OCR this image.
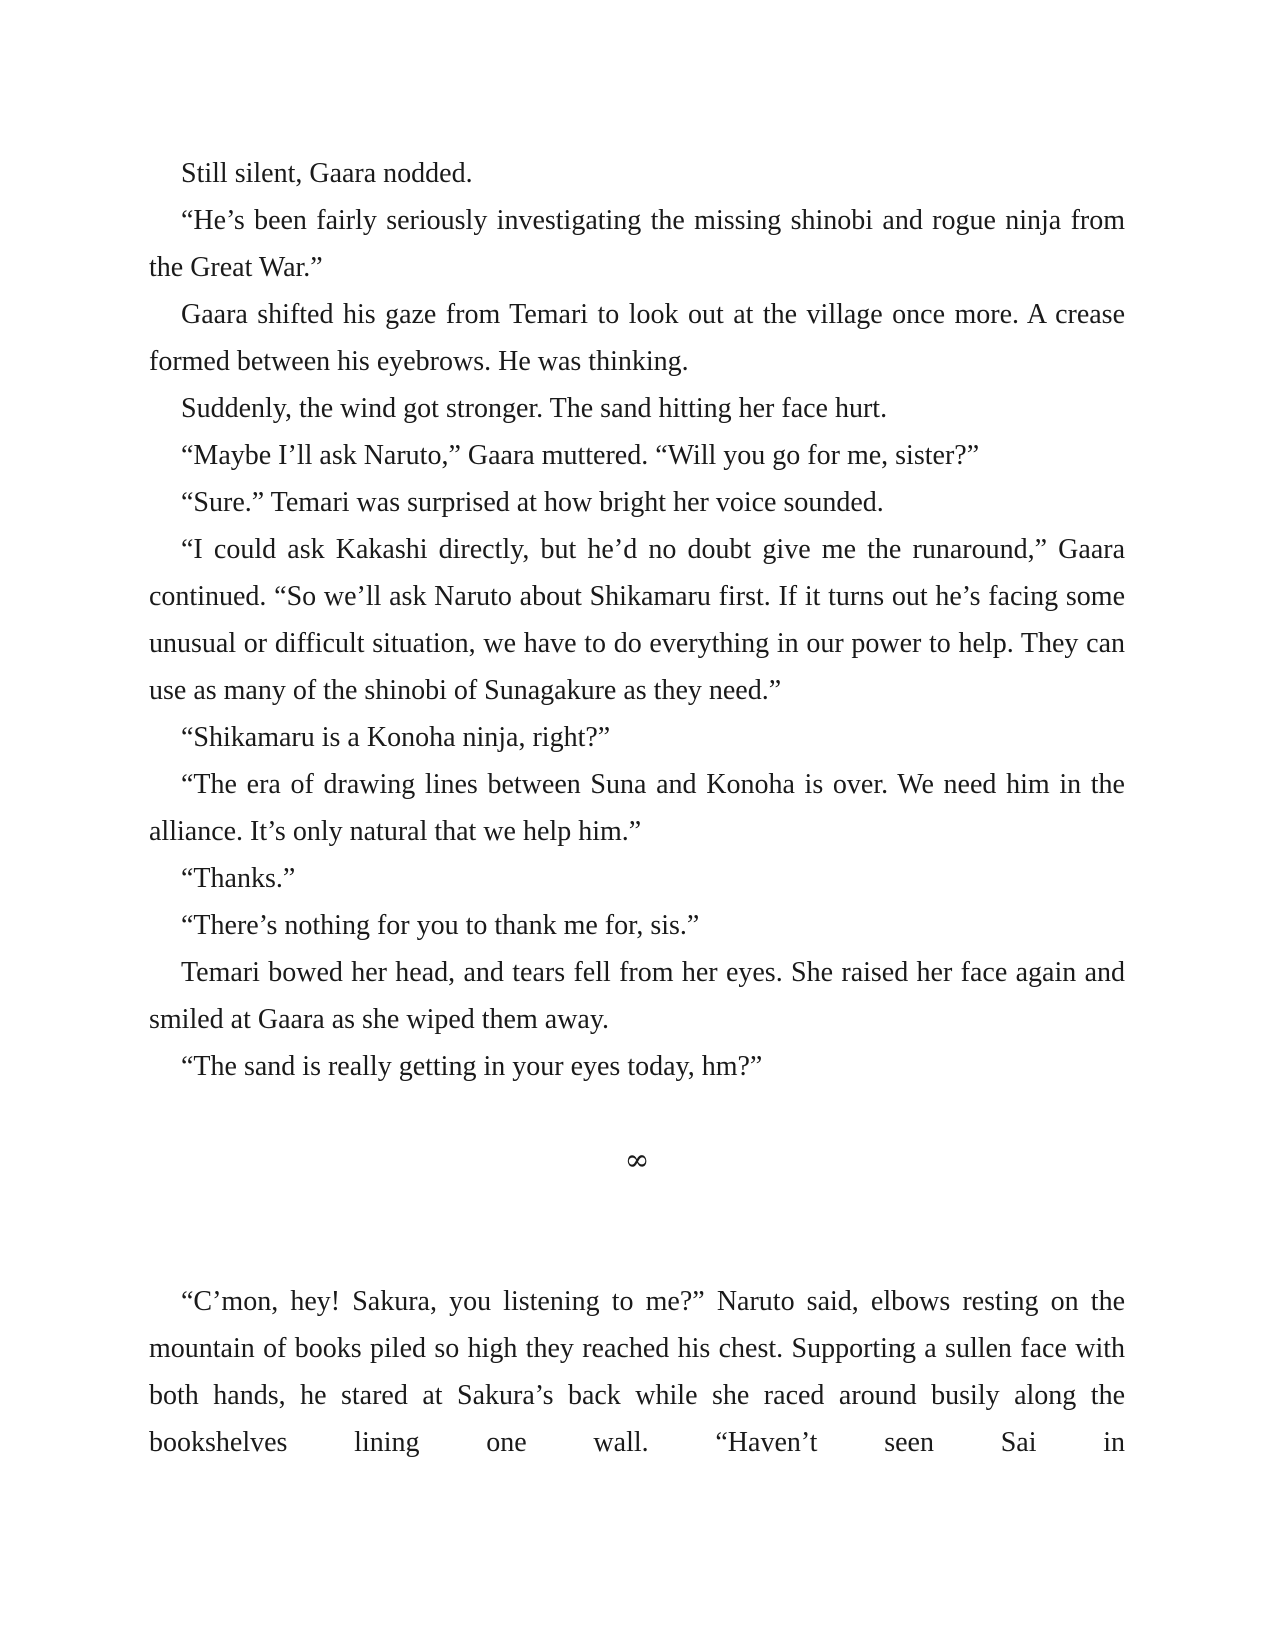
Still silent, Gaara nodded.

“He’s been fairly seriously investigating the missing shinobi and rogue ninja from the Great War.”

Gaara shifted his gaze from Temari to look out at the village once more. A crease formed between his eyebrows. He was thinking.

Suddenly, the wind got stronger. The sand hitting her face hurt.

“Maybe I’ll ask Naruto,” Gaara muttered. “Will you go for me, sister?”

“Sure.” Temari was surprised at how bright her voice sounded.

“I could ask Kakashi directly, but he’d no doubt give me the runaround,” Gaara continued. “So we’ll ask Naruto about Shikamaru first. If it turns out he’s facing some unusual or difficult situation, we have to do everything in our power to help. They can use as many of the shinobi of Sunagakure as they need.”

“Shikamaru is a Konoha ninja, right?”

“The era of drawing lines between Suna and Konoha is over. We need him in the alliance. It’s only natural that we help him.”

“Thanks.”

“There’s nothing for you to thank me for, sis.”

Temari bowed her head, and tears fell from her eyes. She raised her face again and smiled at Gaara as she wiped them away.

“The sand is really getting in your eyes today, hm?”

∞

“C’mon, hey! Sakura, you listening to me?” Naruto said, elbows resting on the mountain of books piled so high they reached his chest. Supporting a sullen face with both hands, he stared at Sakura’s back while she raced around busily along the bookshelves lining one wall. “Haven’t seen Sai in
